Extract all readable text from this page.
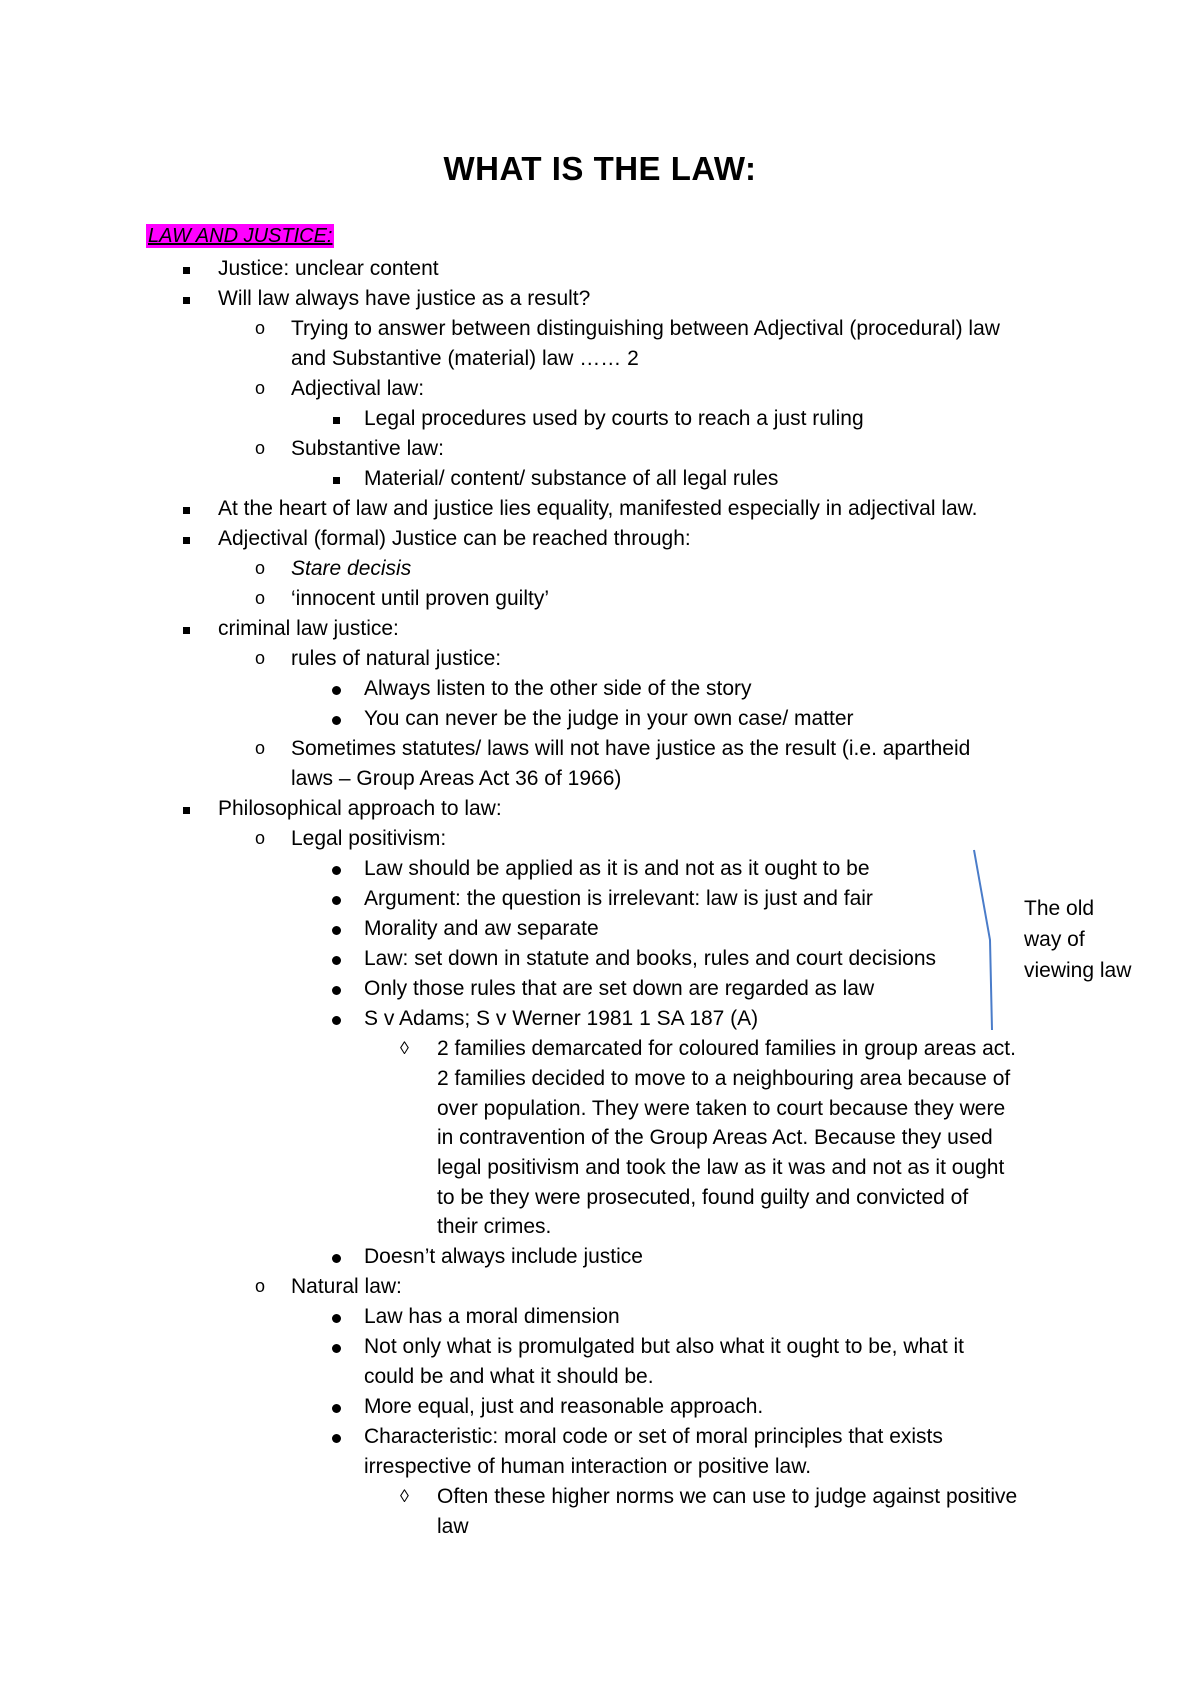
WHAT IS THE LAW:
LAW AND JUSTICE:
Justice: unclear content
Will law always have justice as a result?
o Trying to answer between distinguishing between Adjectival (procedural) law
and Substantive (material) law …… 2
o Adjectival law:
Legal procedures used by courts to reach a just ruling
o Substantive law:
Material/ content/ substance of all legal rules
At the heart of law and justice lies equality, manifested especially in adjectival law.
Adjectival (formal) Justice can be reached through:
o Stare decisis
o ‘innocent until proven guilty’
criminal law justice:
o rules of natural justice:
Always listen to the other side of the story
You can never be the judge in your own case/ matter
o Sometimes statutes/ laws will not have justice as the result (i.e. apartheid
laws – Group Areas Act 36 of 1966)
Philosophical approach to law:
o Legal positivism:
Law should be applied as it is and not as it ought to be
Argument: the question is irrelevant: law is just and fair
Morality and aw separate
Law: set down in statute and books, rules and court decisions
Only those rules that are set down are regarded as law
S v Adams; S v Werner 1981 1 SA 187 (A)
◊ 2 families demarcated for coloured families in group areas act.
2 families decided to move to a neighbouring area because of
over population. They were taken to court because they were
in contravention of the Group Areas Act. Because they used
legal positivism and took the law as it was and not as it ought
to be they were prosecuted, found guilty and convicted of
their crimes.
Doesn’t always include justice
o Natural law:
Law has a moral dimension
Not only what is promulgated but also what it ought to be, what it
could be and what it should be.
More equal, just and reasonable approach.
Characteristic: moral code or set of moral principles that exists
irrespective of human interaction or positive law.
◊ Often these higher norms we can use to judge against positive
law
The old
way of
viewing law
